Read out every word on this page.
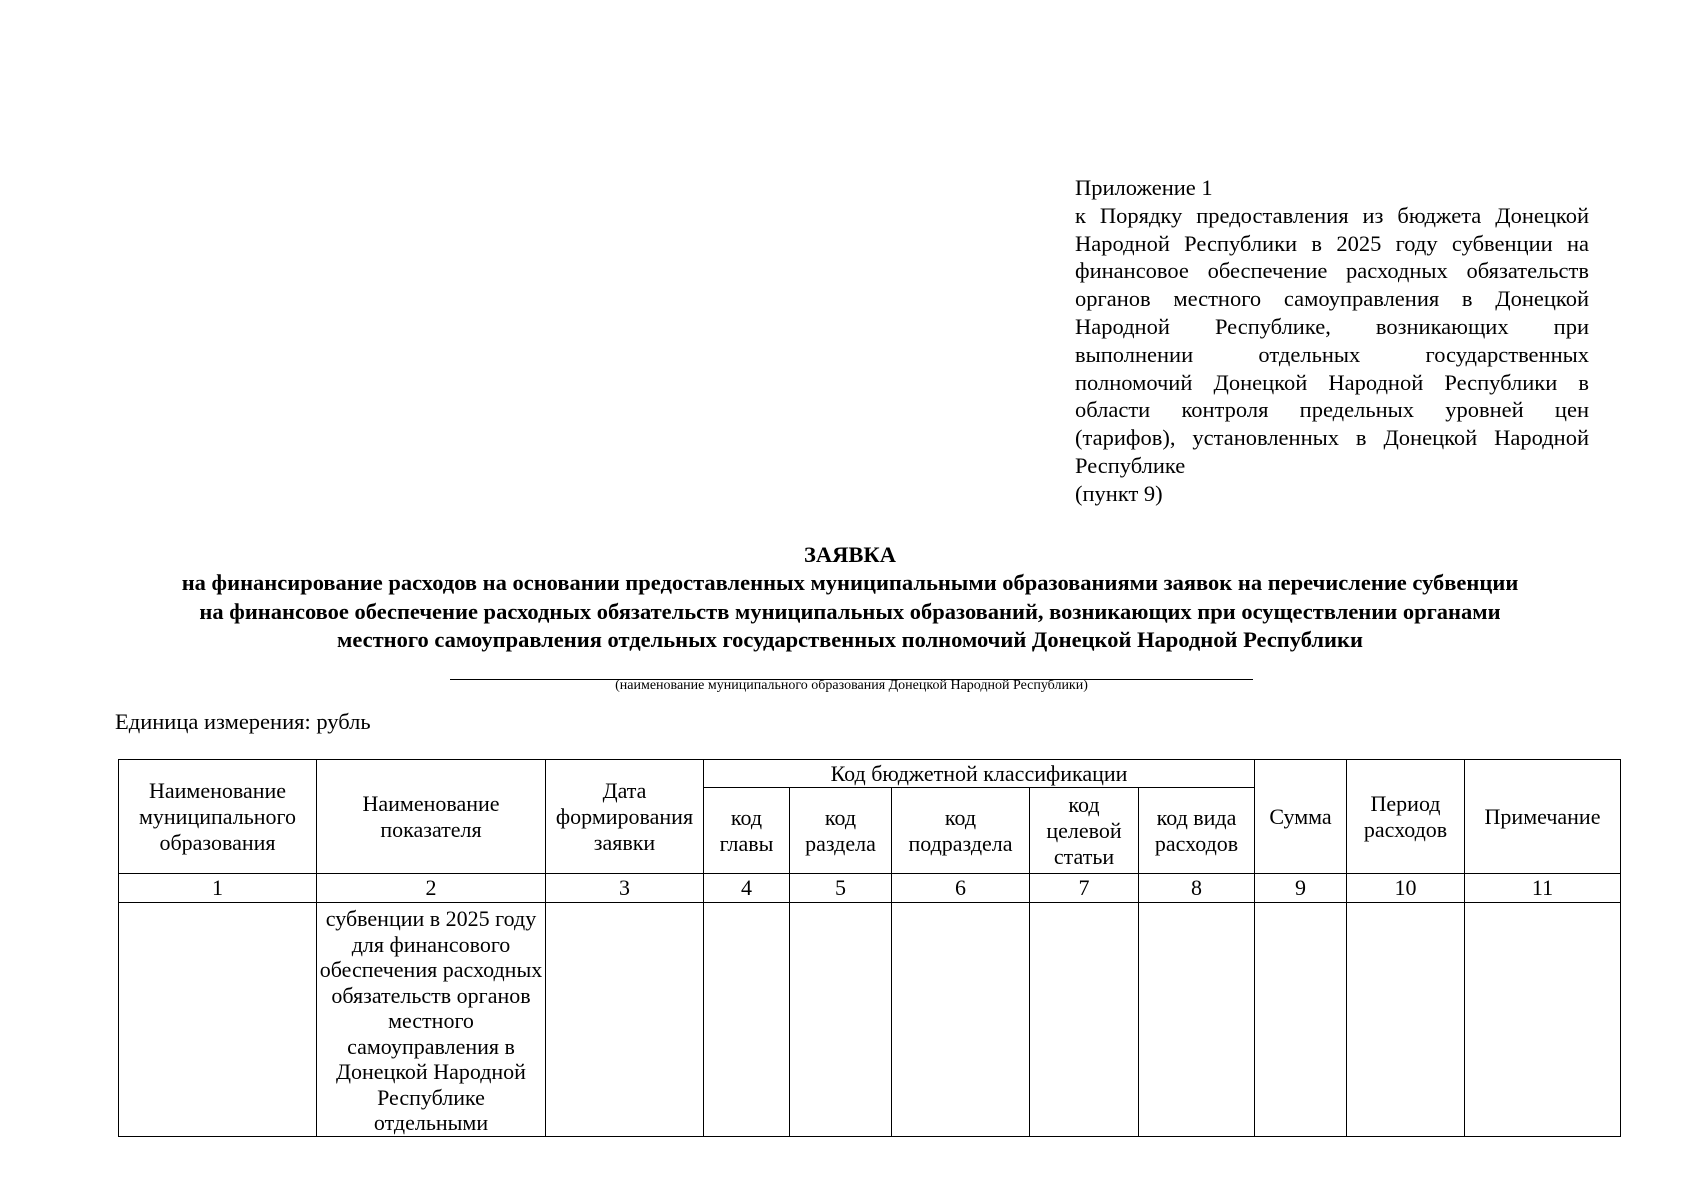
Приложение 1
к Порядку предоставления из бюджета Донецкой Народной Республики в 2025 году субвенции на финансовое обеспечение расходных обязательств органов местного самоуправления в Донецкой Народной Республике, возникающих при выполнении отдельных государственных полномочий Донецкой Народной Республики в области контроля предельных уровней цен (тарифов), установленных в Донецкой Народной Республике
(пункт 9)
ЗАЯВКА
на финансирование расходов на основании предоставленных муниципальными образованиями заявок на перечисление субвенции
на финансовое обеспечение расходных обязательств муниципальных образований, возникающих при осуществлении органами
местного самоуправления отдельных государственных полномочий Донецкой Народной Республики
(наименование муниципального образования Донецкой Народной Республики)
Единица измерения: рубль
Наименование муниципального образования	Наименование показателя	Дата формирования заявки	Код бюджетной классификации					Сумма	Период расходов	Примечание
			код главы	код раздела	код подраздела	код целевой статьи	код вида расходов			
1	2	3	4	5	6	7	8	9	10	11
	субвенции в 2025 году для финансового обеспечения расходных обязательств органов местного самоуправления в Донецкой Народной Республике отдельными									
